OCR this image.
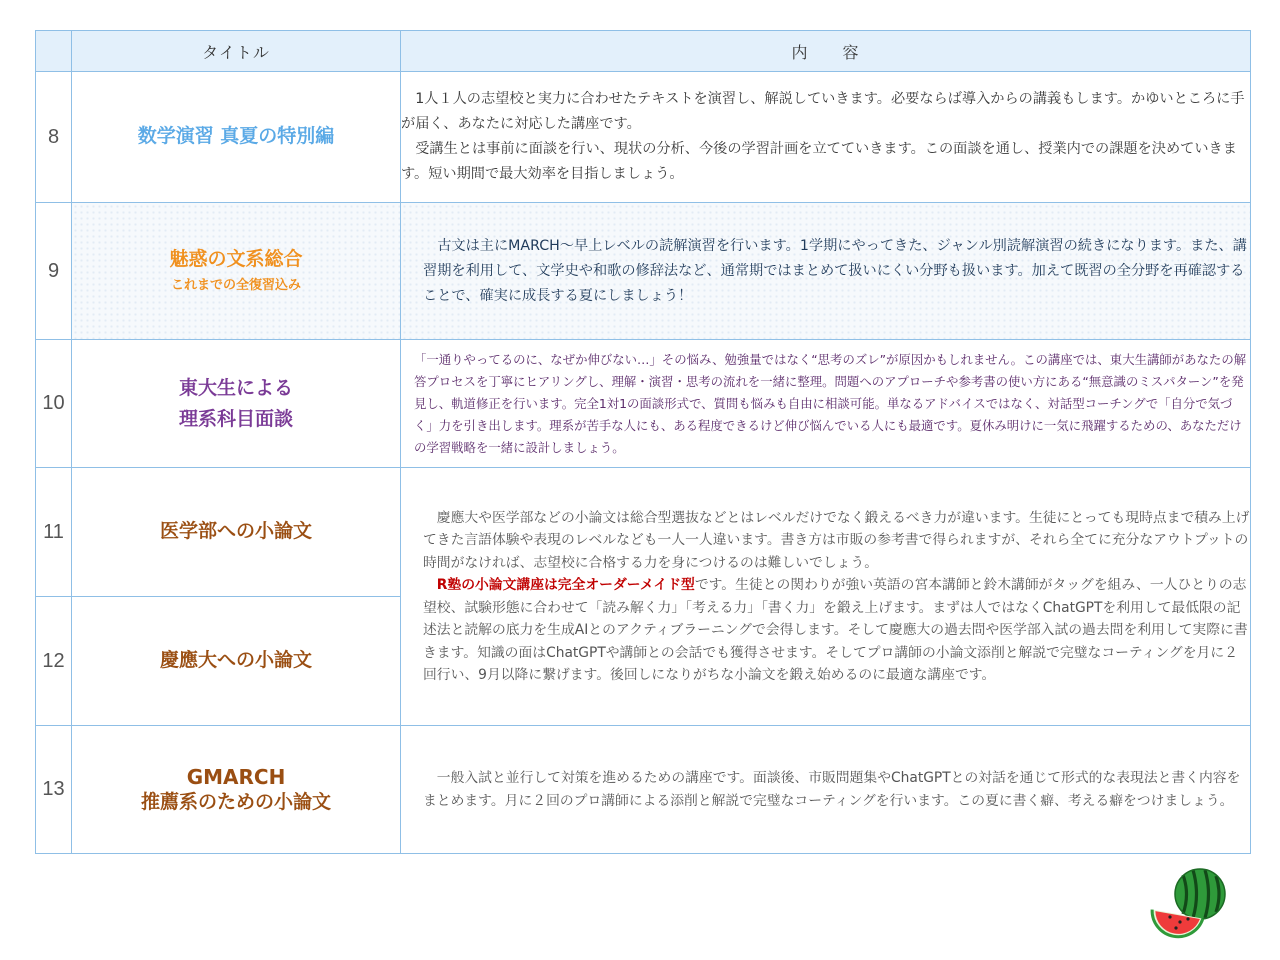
	タイトル	内　　容
8	数学演習 真夏の特別編	　1人１人の志望校と実力に合わせたテキストを演習し、解説していきます。必要ならば導入からの講義もします。かゆいところに手が届く、あなたに対応した講座です。

　受講生とは事前に面談を行い、現状の分析、今後の学習計画を立てていきます。この面談を通し、授業内での課題を決めていきます。短い期間で最大効率を目指しましょう。

9	魅惑の文系総合
これまでの全復習込み	　古文は主にMARCH〜早上レベルの読解演習を行います。1学期にやってきた、ジャンル別読解演習の続きになります。また、講習期を利用して、文学史や和歌の修辞法など、通常期ではまとめて扱いにくい分野も扱います。加えて既習の全分野を再確認することで、確実に成長する夏にしましょう！

10	東大生による
理系科目面談	「一通りやってるのに、なぜか伸びない…」その悩み、勉強量ではなく“思考のズレ”が原因かもしれません。この講座では、東大生講師があなたの解答プロセスを丁寧にヒアリングし、理解・演習・思考の流れを一緒に整理。問題へのアプローチや参考書の使い方にある“無意識のミスパターン”を発見し、軌道修正を行います。完全1対1の面談形式で、質問も悩みも自由に相談可能。単なるアドバイスではなく、対話型コーチングで「自分で気づく」力を引き出します。理系が苦手な人にも、ある程度できるけど伸び悩んでいる人にも最適です。夏休み明けに一気に飛躍するための、あなただけの学習戦略を一緒に設計しましょう。

11	医学部への小論文	　慶應大や医学部などの小論文は総合型選抜などとはレベルだけでなく鍛えるべき力が違います。生徒にとっても現時点まで積み上げてきた言語体験や表現のレベルなども一人一人違います。書き方は市販の参考書で得られますが、それら全てに充分なアウトプットの時間がなければ、志望校に合格する力を身につけるのは難しいでしょう。

　R塾の小論文講座は完全オーダーメイド型です。生徒との関わりが強い英語の宮本講師と鈴木講師がタッグを組み、一人ひとりの志望校、試験形態に合わせて「読み解く力」「考える力」「書く力」を鍛え上げます。まずは人ではなくChatGPTを利用して最低限の記述法と読解の底力を生成AIとのアクティブラーニングで会得します。そして慶應大の過去問や医学部入試の過去問を利用して実際に書きます。知識の面はChatGPTや講師との会話でも獲得させます。そしてプロ講師の小論文添削と解説で完璧なコーティングを月に２回行い、9月以降に繋げます。後回しになりがちな小論文を鍛え始めるのに最適な講座です。

12	慶應大への小論文	
13	GMARCH
推薦系のための小論文	　一般入試と並行して対策を進めるための講座です。面談後、市販問題集やChatGPTとの対話を通じて形式的な表現法と書く内容をまとめます。月に２回のプロ講師による添削と解説で完璧なコーティングを行います。この夏に書く癖、考える癖をつけましょう。
